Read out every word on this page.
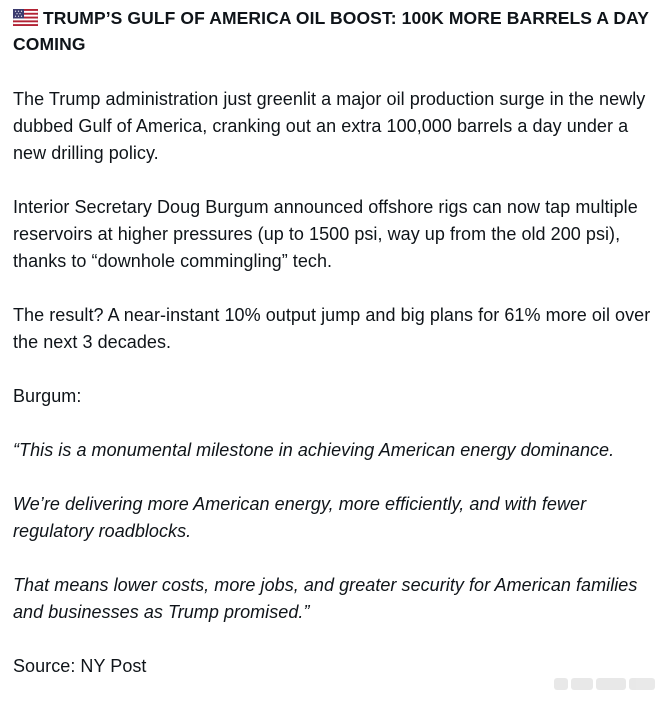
TRUMP’S GULF OF AMERICA OIL BOOST: 100K MORE BARRELS A DAY COMING

The Trump administration just greenlit a major oil production surge in the newly dubbed Gulf of America, cranking out an extra 100,000 barrels a day under a new drilling policy.

Interior Secretary Doug Burgum announced offshore rigs can now tap multiple reservoirs at higher pressures (up to 1500 psi, way up from the old 200 psi), thanks to “downhole commingling” tech.

The result? A near-instant 10% output jump and big plans for 61% more oil over the next 3 decades.

Burgum:

“This is a monumental milestone in achieving American energy dominance.

We’re delivering more American energy, more efficiently, and with fewer regulatory roadblocks.

That means lower costs, more jobs, and greater security for American families and businesses as Trump promised.”

Source: NY Post
